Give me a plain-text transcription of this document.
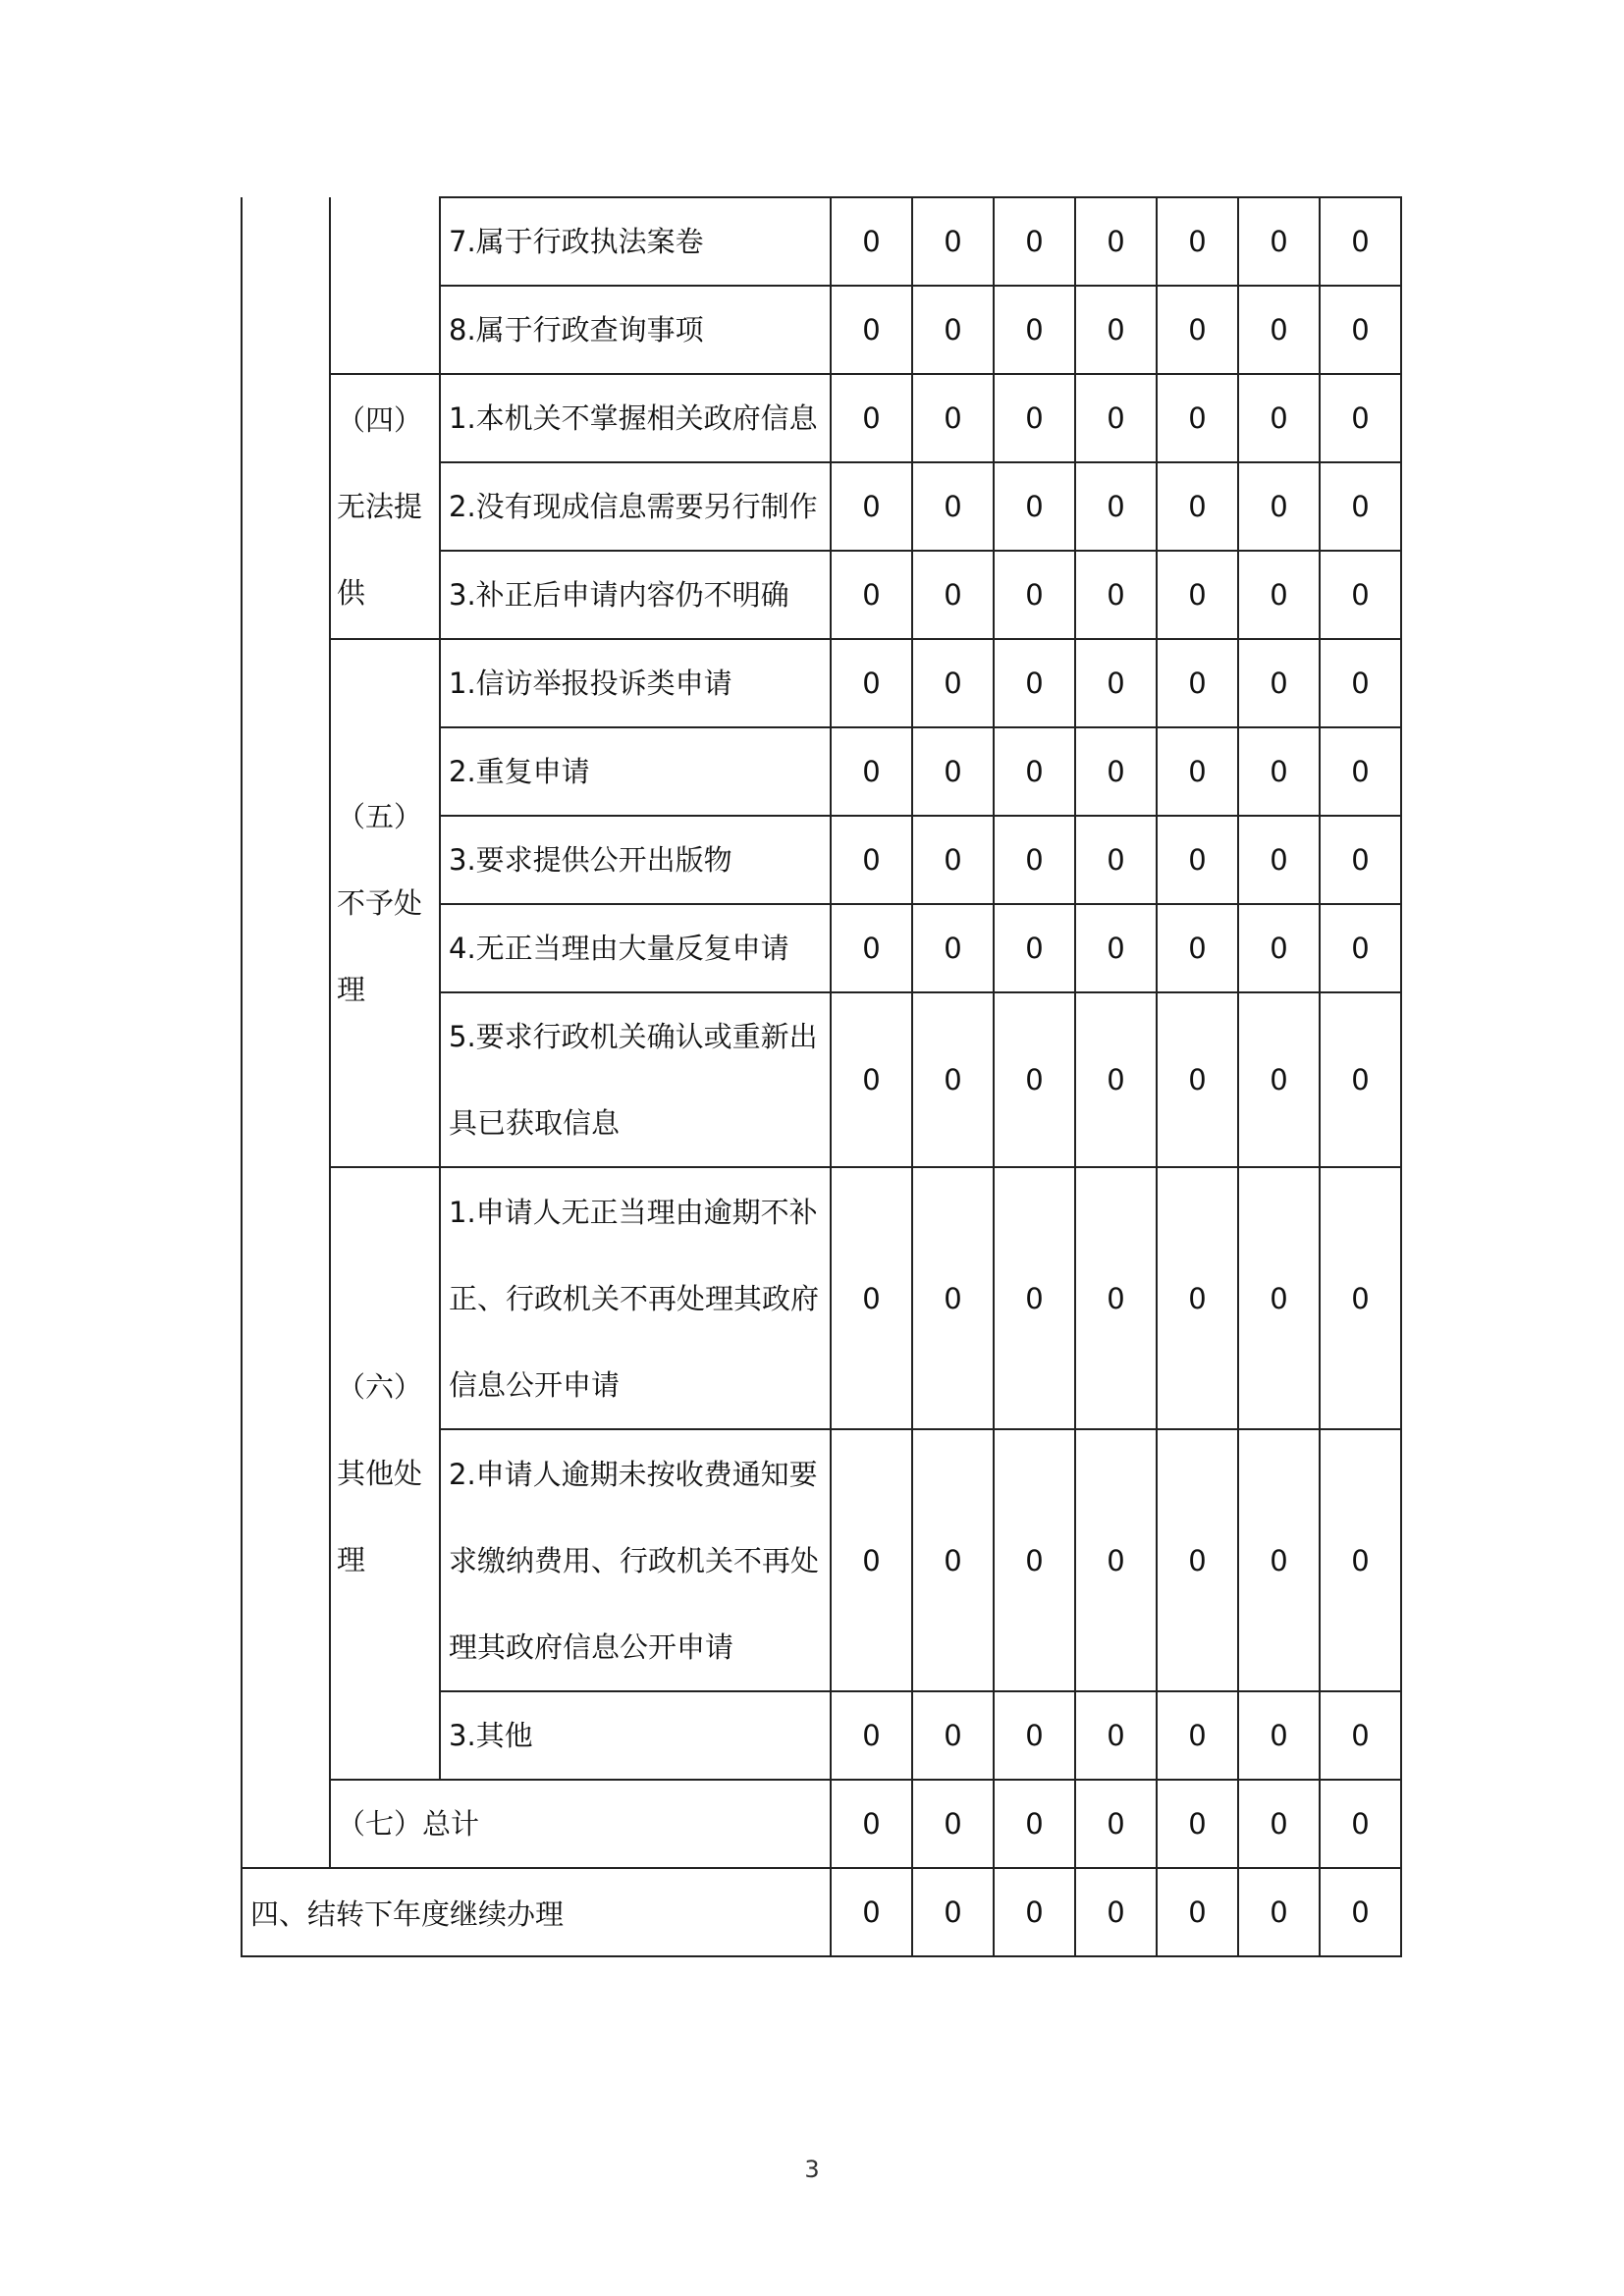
		7.属于行政执法案卷	0	0	0	0	0	0	0
		8.属于行政查询事项	0	0	0	0	0	0	0

	（四）
无法提
供	1.本机关不掌握相关政府信息	0	0	0	0	0	0	0
		2.没有现成信息需要另行制作	0	0	0	0	0	0	0
		3.补正后申请内容仍不明确	0	0	0	0	0	0	0

	（五）
不予处
理	1.信访举报投诉类申请	0	0	0	0	0	0	0
		2.重复申请	0	0	0	0	0	0	0
		3.要求提供公开出版物	0	0	0	0	0	0	0
		4.无正当理由大量反复申请	0	0	0	0	0	0	0

		5.要求行政机关确认或重新出
具已获取信息	0	0	0	0	0	0	0

	（六）
其他处
理	1.申请人无正当理由逾期不补
正、行政机关不再处理其政府
信息公开申请	0	0	0	0	0	0	0

		2.申请人逾期未按收费通知要
求缴纳费用、行政机关不再处
理其政府信息公开申请	0	0	0	0	0	0	0
		3.其他	0	0	0	0	0	0	0
	（七）总计		0	0	0	0	0	0	0
四、结转下年度继续办理			0	0	0	0	0	0	0
3
